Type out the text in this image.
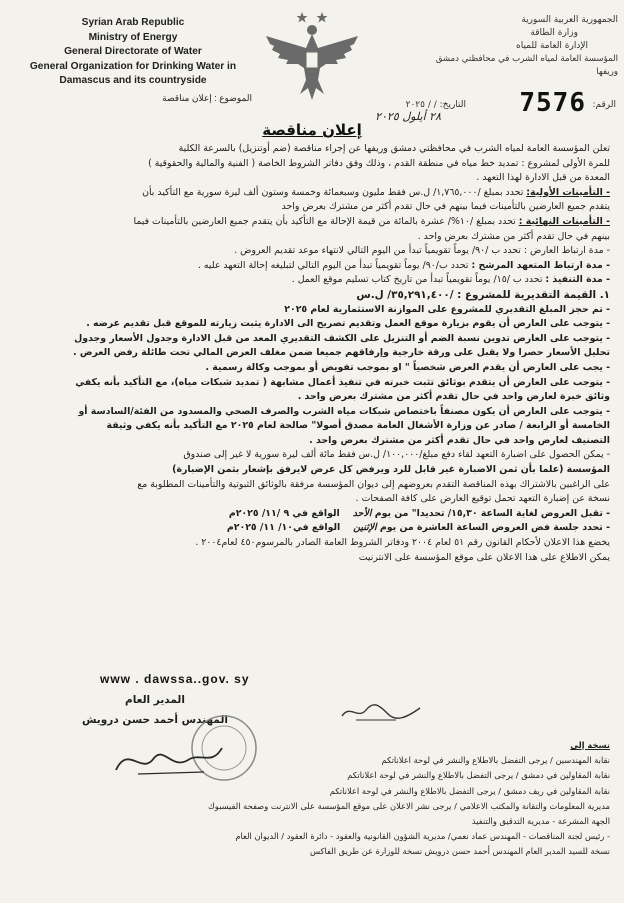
Syrian Arab Republic
Ministry of Energy
General Directorate of Water
General Organization for Drinking Water in
Damascus and its countryside
الموضوع : إعلان مناقصة
الجمهورية العربية السورية
وزارة الطاقة
الإدارة العامة للمياه
المؤسسة العامة لمياه الشرب في محافظتي دمشق وريفها
الرقم:
7576
التاريخ: / / ٢٠٢٥
٢٨ أيلول ٢٠٢٥
إعلان مناقصة

تعلن المؤسسة العامة لمياه الشرب في محافظتي دمشق وريفها عن إجراء مناقصة (ضم أوتنزيل) بالسرعة الكلية

للمرة الأولى لمشروع : تمديد خط مياه في منطقة القدم ، وذلك وفق دفاتر الشروط الخاصة ( الفنية والمالية والحقوقية )

المعدة من قبل الادارة لهذا التعهد .

- التأمينات الأولية: تحدد بمبلغ /١,٧٦٥,٠٠٠/ ل.س فقط مليون وسبعمائة وخمسة وستون ألف ليرة سورية مع التأكيد بأن

يتقدم جميع العارضين بالتأمينات فيما بينهم في حال تقدم أكثر من مشترك بعرض واحد

- التأمينات النهائية : تحدد بمبلغ /١٠%/ عشرة بالمائة من قيمة الإحالة مع التأكيد بأن يتقدم جميع العارضين بالتأمينات فيما

بينهم في حال تقدم أكثر من مشترك بعرض واحد .

- مدة ارتباط العارض : تحدد ب /٩٠/ يوماً تقويمياً تبدأ من اليوم التالي لانتهاء موعد تقديم العروض .

- مدة ارتباط المتعهد المرشح : تحدد ب/٩٠/ يوماً تقويمياً تبدأ من اليوم التالي لتبليغه إحالة التعهد عليه .

- مدة التنفيذ : تحدد ب /١٥/ يوماً تقويمياً تبدأ من تاريخ كتاب تسليم موقع العمل .

١. القيمة التقديرية للمشروع : /٣٥,٢٩١,٤٠٠/ ل.س

- تم حجز المبلغ التقديري للمشروع على الموازنة الاستثمارية لعام ٢٠٢٥

- يتوجب على العارض أن يقوم بزيارة موقع العمل وتقديم تصريح الى الادارة يثبت زيارته للموقع قبل تقديم عرضه .

- يتوجب على العارض تدوين نسبة الضم أو التنزيل على الكشف التقديري المعد من قبل الادارة وجدول الأسعار وجدول

تحليل الأسعار حصرا ولا يقبل على ورقة خارجية وإرفاقهم جميعا ضمن مغلف العرض المالي تحت طائلة رفض العرض .

- يجب على العارض أن يقدم العرض شخصياً " او بموجب تفويض أو بموجب وكالة رسمية .

- يتوجب على العارض أن يتقدم بوثائق تثبت خبرته في تنفيذ أعمال مشابهة ( تمديد شبكات مياه)، مع التأكيد بأنه يكفي

وثائق خبرة لعارض واحد في حال تقدم أكثر من مشترك بعرض واحد .

- يتوجب على العارض أن يكون مصنفاً باختصاص شبكات مياه الشرب والصرف الصحي والمسدود من الفئة/السادسة أو

الخامسة أو الرابعة / صادر عن وزارة الأشغال العامة مصدق أصولا" صالحة لعام ٢٠٢٥ مع التأكيد بأنه يكفي وثيقة

التصنيف لعارض واحد في حال تقدم أكثر من مشترك بعرض واحد .

- يمكن الحصول على اضبارة التعهد لقاء دفع مبلغ/١٠٠,٠٠٠/ ل.س فقط مائة ألف ليرة سورية لا غير إلى صندوق

المؤسسة (علما بأن ثمن الاضبارة غير قابل للرد ويرفض كل عرض لايرفق بإشعار بثمن الإضبارة)

على الراغبين بالاشتراك بهذه المناقصة التقدم بعروضهم إلى ديوان المؤسسة مرفقة بالوثائق الثبوتية والتأمينات المطلوبة مع

نسخة عن إضبارة التعهد تحمل توقيع العارض على كافة الصفحات .

- تقبل العروض لغاية الساعة ١٥,٣٠/ تحديدا" من يوم الأحد    الواقع في ٩ /١١/ ٢٠٢٥م

- تحدد جلسة فض العروض الساعة العاشرة من يوم الإثنين    الواقع في١٠/ ١١/ ٢٠٢٥م

يخضع هذا الاعلان لأحكام القانون رقم ٥١ لعام ٢٠٠٤ ودفاتر الشروط العامة الصادر بالمرسوم٤٥٠ لعام٢٠٠٤ .

يمكن الاطلاع على هذا الاعلان على موقع المؤسسة على الانترنيت

www . dawssa..gov. sy
المدير العام
المهندس أحمد حسن درويش

نسخة إلى

نقابة المهندسين / يرجى التفضل بالاطلاع والنشر في لوحة اعلاناتكم

نقابة المقاولين في دمشق / يرجى التفضل بالاطلاع والنشر في لوحة اعلاناتكم

نقابة المقاولين في ريف دمشق / يرجى التفضل بالاطلاع والنشر في لوحة اعلاناتكم

مديرية المعلومات والتقانة والمكتب الاعلامي / يرجى نشر الاعلان على موقع المؤسسة على الانترنت وصفحة الفيسبوك

الجهة المشرعة - مديرية التدقيق والتنفيذ

- رئيس لجنة المناقصات - المهندس عماد نعمي/ مديرية الشؤون القانونية والعقود - دائرة العقود / الديوان العام

نسخة للسيد المدير العام المهندس أحمد حسن درويش نسخة للوزارة عن طريق الفاكس
